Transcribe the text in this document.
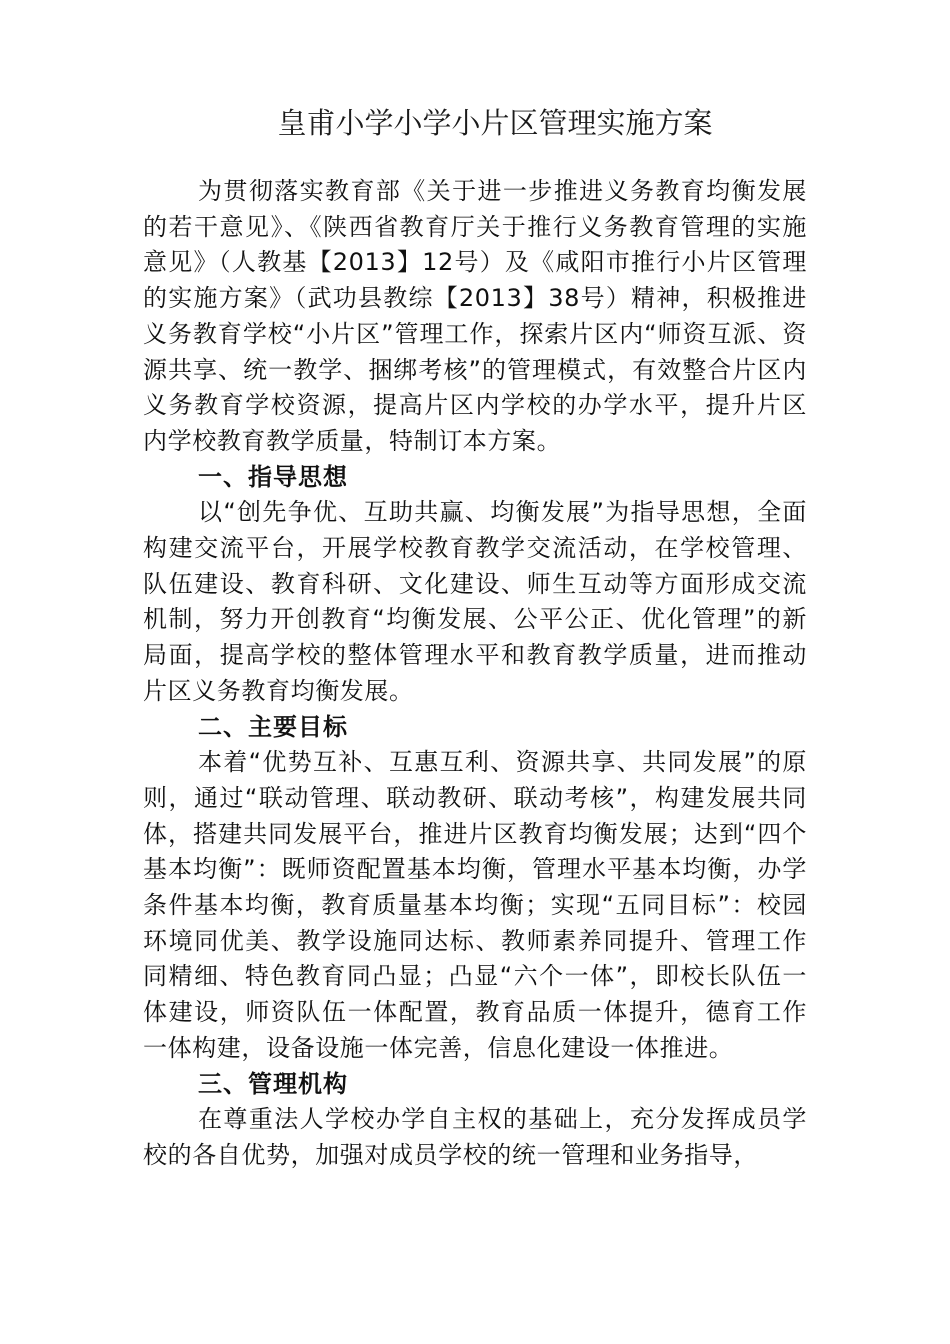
皇甫小学小学小片区管理实施方案

为贯彻落实教育部《关于进一步推进义务教育均衡发展的若干意见》、《陕西省教育厅关于推行义务教育管理的实施意见》（人教基【2013】12号）及《咸阳市推行小片区管理的实施方案》（武功县教综【2013】38号）精神，积极推进义务教育学校“小片区”管理工作，探索片区内“师资互派、资源共享、统一教学、捆绑考核”的管理模式，有效整合片区内义务教育学校资源，提高片区内学校的办学水平，提升片区内学校教育教学质量，特制订本方案。

一、指导思想

以“创先争优、互助共赢、均衡发展”为指导思想，全面构建交流平台，开展学校教育教学交流活动，在学校管理、队伍建设、教育科研、文化建设、师生互动等方面形成交流机制，努力开创教育“均衡发展、公平公正、优化管理”的新局面，提高学校的整体管理水平和教育教学质量，进而推动片区义务教育均衡发展。

二、主要目标

本着“优势互补、互惠互利、资源共享、共同发展”的原则，通过“联动管理、联动教研、联动考核”，构建发展共同体，搭建共同发展平台，推进片区教育均衡发展；达到“四个基本均衡”：既师资配置基本均衡，管理水平基本均衡，办学条件基本均衡，教育质量基本均衡；实现“五同目标”：校园环境同优美、教学设施同达标、教师素养同提升、管理工作同精细、特色教育同凸显；凸显“六个一体”，即校长队伍一体建设，师资队伍一体配置，教育品质一体提升，德育工作一体构建，设备设施一体完善，信息化建设一体推进。

三、管理机构

在尊重法人学校办学自主权的基础上，充分发挥成员学校的各自优势，加强对成员学校的统一管理和业务指导，
